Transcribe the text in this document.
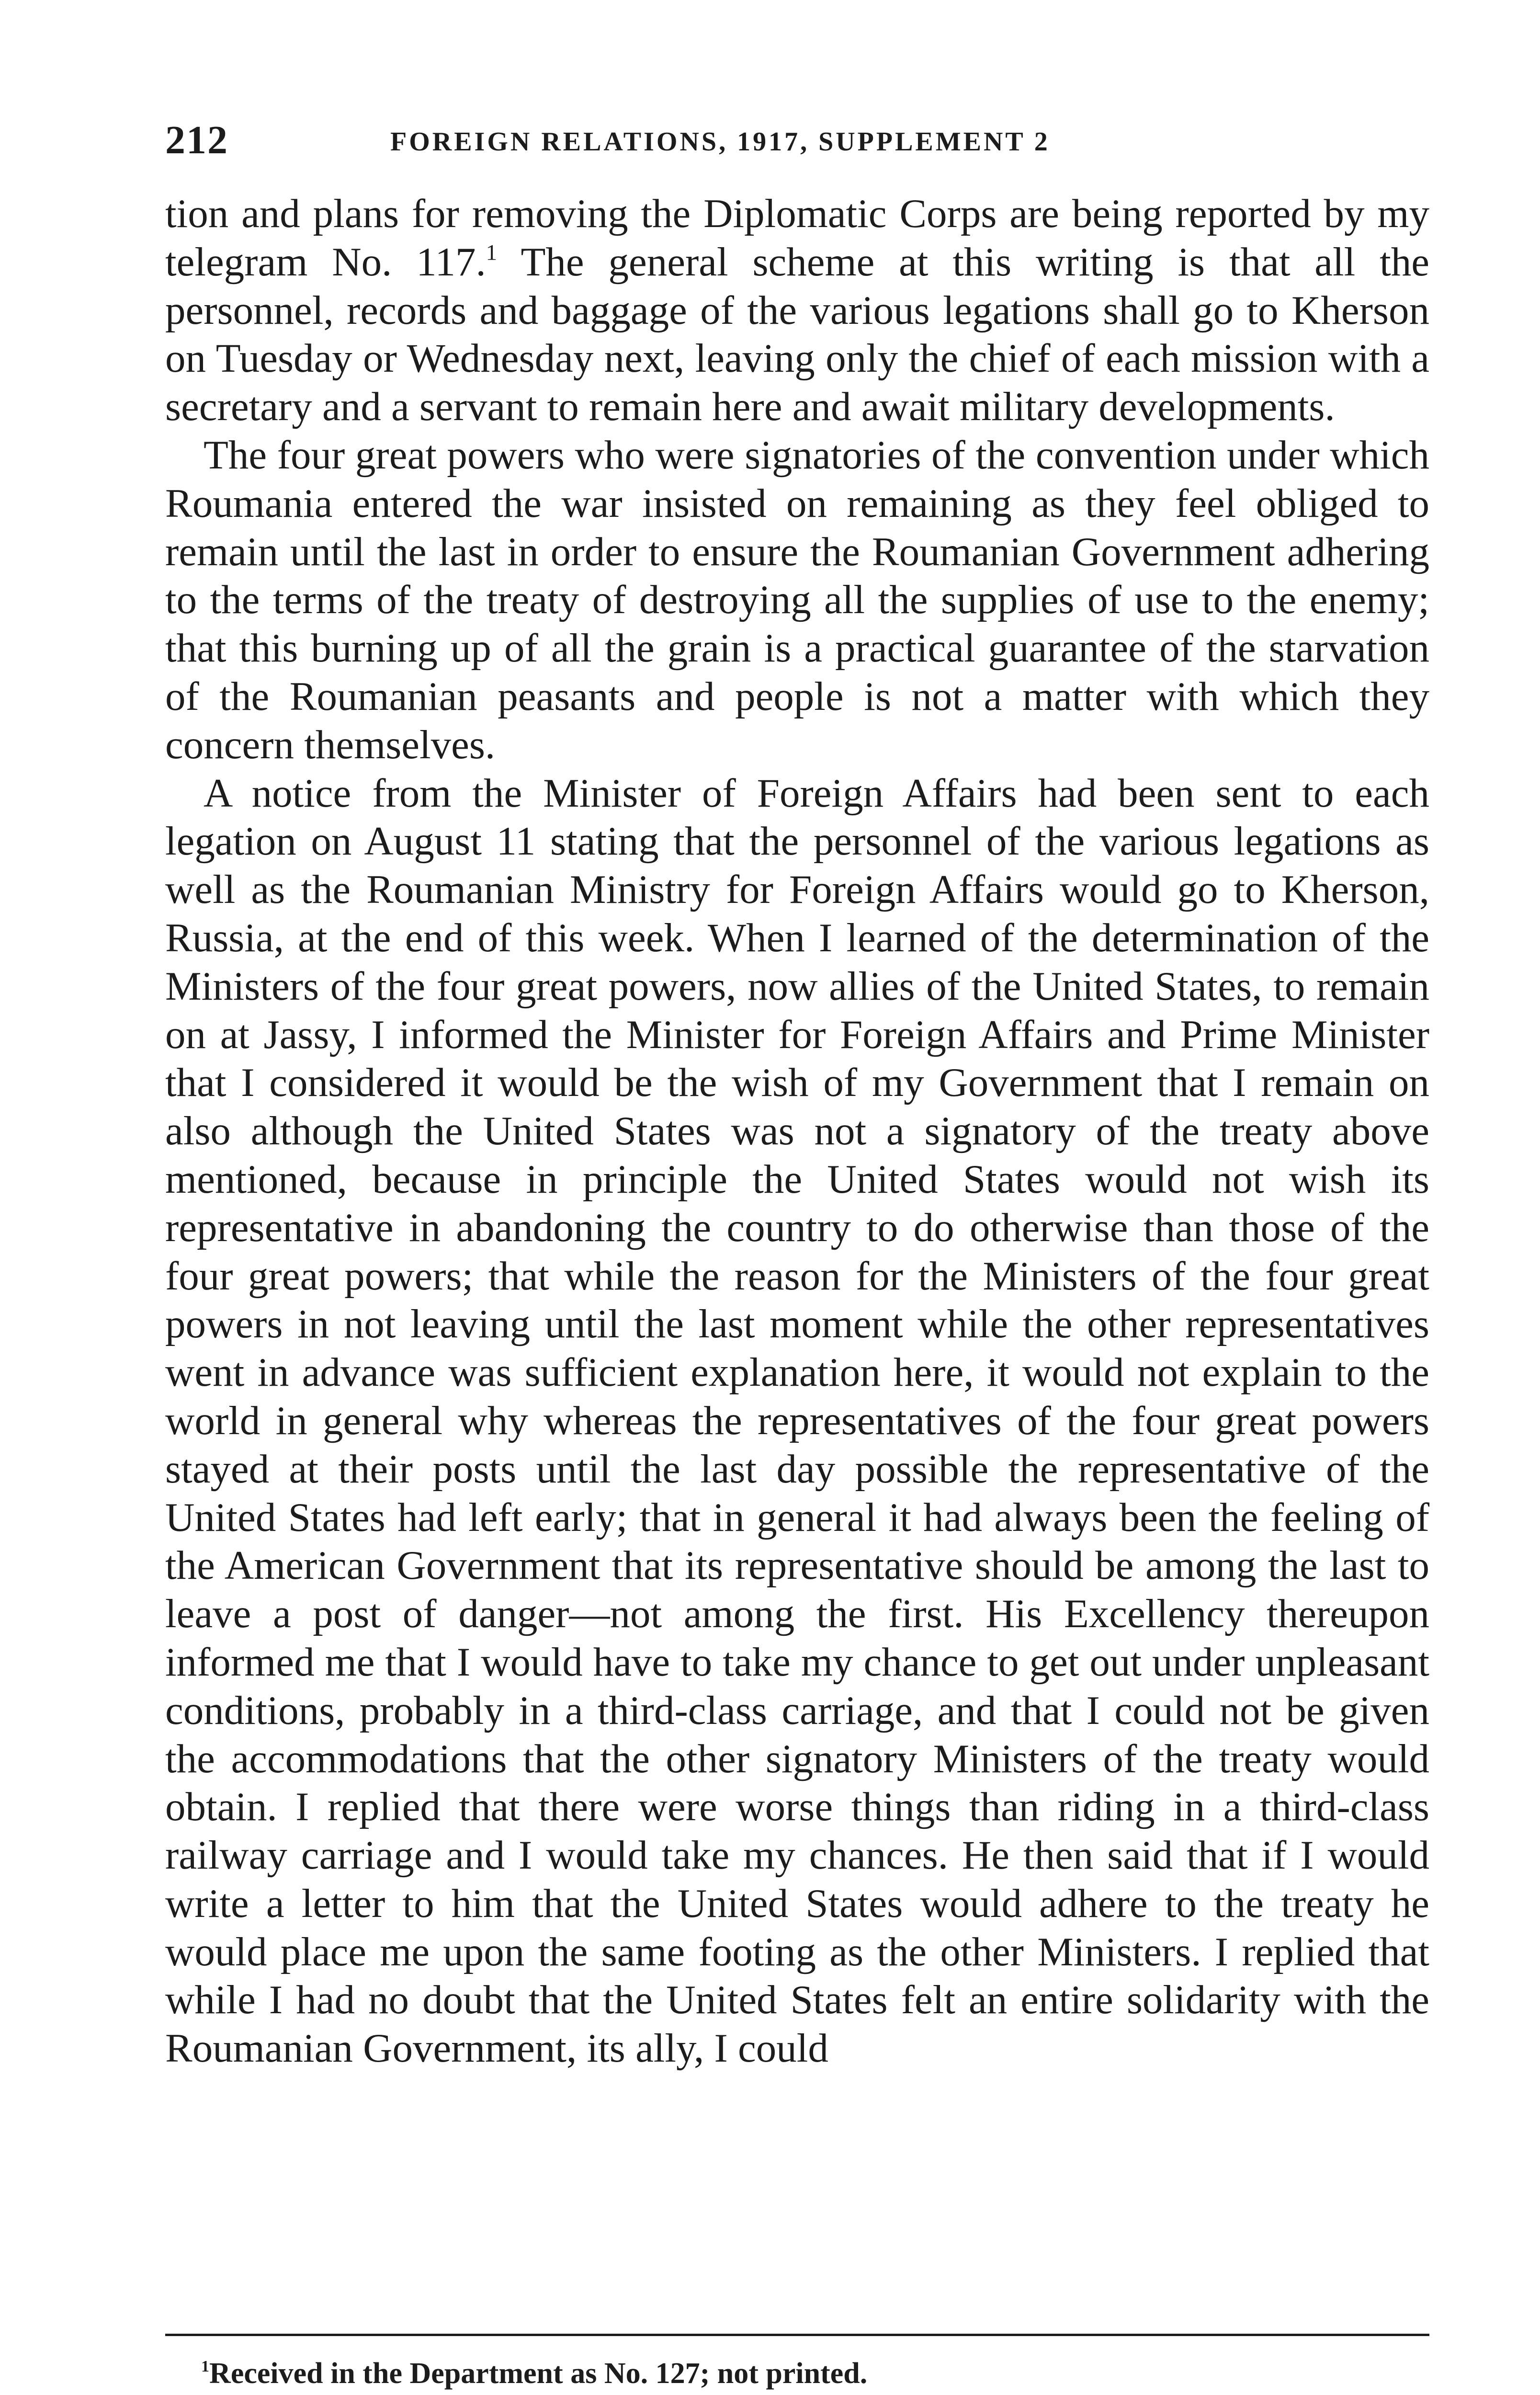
212	FOREIGN RELATIONS, 1917, SUPPLEMENT 2

tion and plans for removing the Diplomatic Corps are being reported by my telegram No. 117.$^1$ The general scheme at this writing is that all the personnel, records and baggage of the various legations shall go to Kherson on Tuesday or Wednesday next, leaving only the chief of each mission with a secretary and a servant to remain here and await military developments.

The four great powers who were signatories of the convention under which Roumania entered the war insisted on remaining as they feel obliged to remain until the last in order to ensure the Roumanian Government adhering to the terms of the treaty of destroying all the supplies of use to the enemy; that this burning up of all the grain is a practical guarantee of the starvation of the Roumanian peasants and people is not a matter with which they concern themselves.

A notice from the Minister of Foreign Affairs had been sent to each legation on August 11 stating that the personnel of the various legations as well as the Roumanian Ministry for Foreign Affairs would go to Kherson, Russia, at the end of this week. When I learned of the determination of the Ministers of the four great powers, now allies of the United States, to remain on at Jassy, I informed the Minister for Foreign Affairs and Prime Minister that I considered it would be the wish of my Government that I remain on also although the United States was not a signatory of the treaty above mentioned, because in principle the United States would not wish its representative in abandoning the country to do otherwise than those of the four great powers; that while the reason for the Ministers of the four great powers in not leaving until the last moment while the other representatives went in advance was sufficient explanation here, it would not explain to the world in general why whereas the representatives of the four great powers stayed at their posts until the last day possible the representative of the United States had left early; that in general it had always been the feeling of the American Government that its representative should be among the last to leave a post of danger—not among the first. His Excellency thereupon informed me that I would have to take my chance to get out under unpleasant conditions, probably in a third-class carriage, and that I could not be given the accommodations that the other signatory Ministers of the treaty would obtain. I replied that there were worse things than riding in a third-class railway carriage and I would take my chances. He then said that if I would write a letter to him that the United States would adhere to the treaty he would place me upon the same footing as the other Ministers. I replied that while I had no doubt that the United States felt an entire solidarity with the Roumanian Government, its ally, I could

$^1$Received in the Department as No. 127; not printed.
